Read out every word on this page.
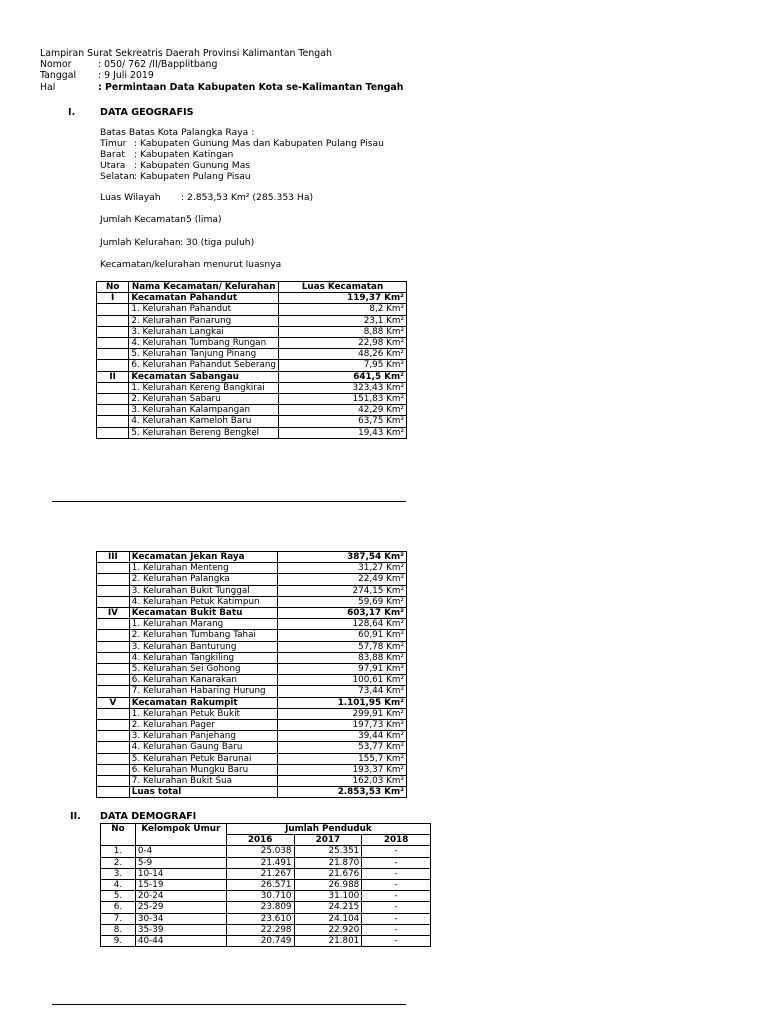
Lampiran Surat Sekreatris Daerah Provinsi Kalimantan Tengah
Nomor	: 050/ 762 /II/Bapplitbang
Tanggal	: 9 Juli 2019
Hal	: Permintaan Data Kabupaten Kota se-Kalimantan Tengah
I.	DATA GEOGRAFIS
Batas Batas Kota Palangka Raya :
Timur : Kabupaten Gunung Mas dan Kabupaten Pulang Pisau
Barat : Kabupaten Katingan
Utara : Kabupaten Gunung Mas
Selatan : Kabupaten Pulang Pisau
Luas Wilayah : 2.853,53 Km² (285.353 Ha)
Jumlah Kecamatan
: 5 (lima)
Jumlah Kelurahan : 30 (tiga puluh)
Kecamatan/kelurahan menurut luasnya
No	Nama Kecamatan/ Kelurahan	Luas Kecamatan
I	Kecamatan Pahandut	119,37 Km²
	1. Kelurahan Pahandut	8,2 Km²
	2. Kelurahan Panarung	23,1 Km²
	3. Kelurahan Langkai	8,88 Km²
	4. Kelurahan Tumbang Rungan	22,98 Km²
	5. Kelurahan Tanjung Pinang	48,26 Km²
	6. Kelurahan Pahandut Seberang	7,95 Km²
II	Kecamatan Sabangau	641,5 Km²
	1. Kelurahan Kereng Bangkirai	323,43 Km²
	2. Kelurahan Sabaru	151,83 Km²
	3. Kelurahan Kalampangan	42,29 Km²
	4. Kelurahan Kameloh Baru	63,75 Km²
	5. Kelurahan Bereng Bengkel	19,43 Km²
III	Kecamatan Jekan Raya	387,54 Km²
	1. Kelurahan Menteng	31,27 Km²
	2. Kelurahan Palangka	22,49 Km²
	3. Kelurahan Bukit Tunggal	274,15 Km²
	4. Kelurahan Petuk Katimpun	59,69 Km²
IV	Kecamatan Bukit Batu	603,17 Km²
	1. Kelurahan Marang	128,64 Km²
	2. Kelurahan Tumbang Tahai	60,91 Km²
	3. Kelurahan Banturung	57,78 Km²
	4. Kelurahan Tangkiling	83,88 Km²
	5. Kelurahan Sei Gohong	97,91 Km²
	6. Kelurahan Kanarakan	100,61 Km²
	7. Kelurahan Habaring Hurung	73,44 Km²
V	Kecamatan Rakumpit	1.101,95 Km²
	1. Kelurahan Petuk Bukit	299,91 Km²
	2. Kelurahan Pager	197,73 Km²
	3. Kelurahan Panjehang	39,44 Km²
	4. Kelurahan Gaung Baru	53,77 Km²
	5. Kelurahan Petuk Barunai	155,7 Km²
	6. Kelurahan Mungku Baru	193,37 Km²
	7. Kelurahan Bukit Sua	162,03 Km²
	Luas total	2.853,53 Km²
II. DATA DEMOGRAFI
No	Kelompok Umur	Jumlah Penduduk		
		2016	2017	2018
1.	0-4	25.038	25.351	-
2.	5-9	21.491	21.870	-
3.	10-14	21.267	21.676	-
4.	15-19	26.571	26.988	-
5.	20-24	30.710	31.100	-
6.	25-29	23.809	24.215	-
7.	30-34	23.610	24.104	-
8.	35-39	22.298	22.920	-
9.	40-44	20.749	21.801	-
